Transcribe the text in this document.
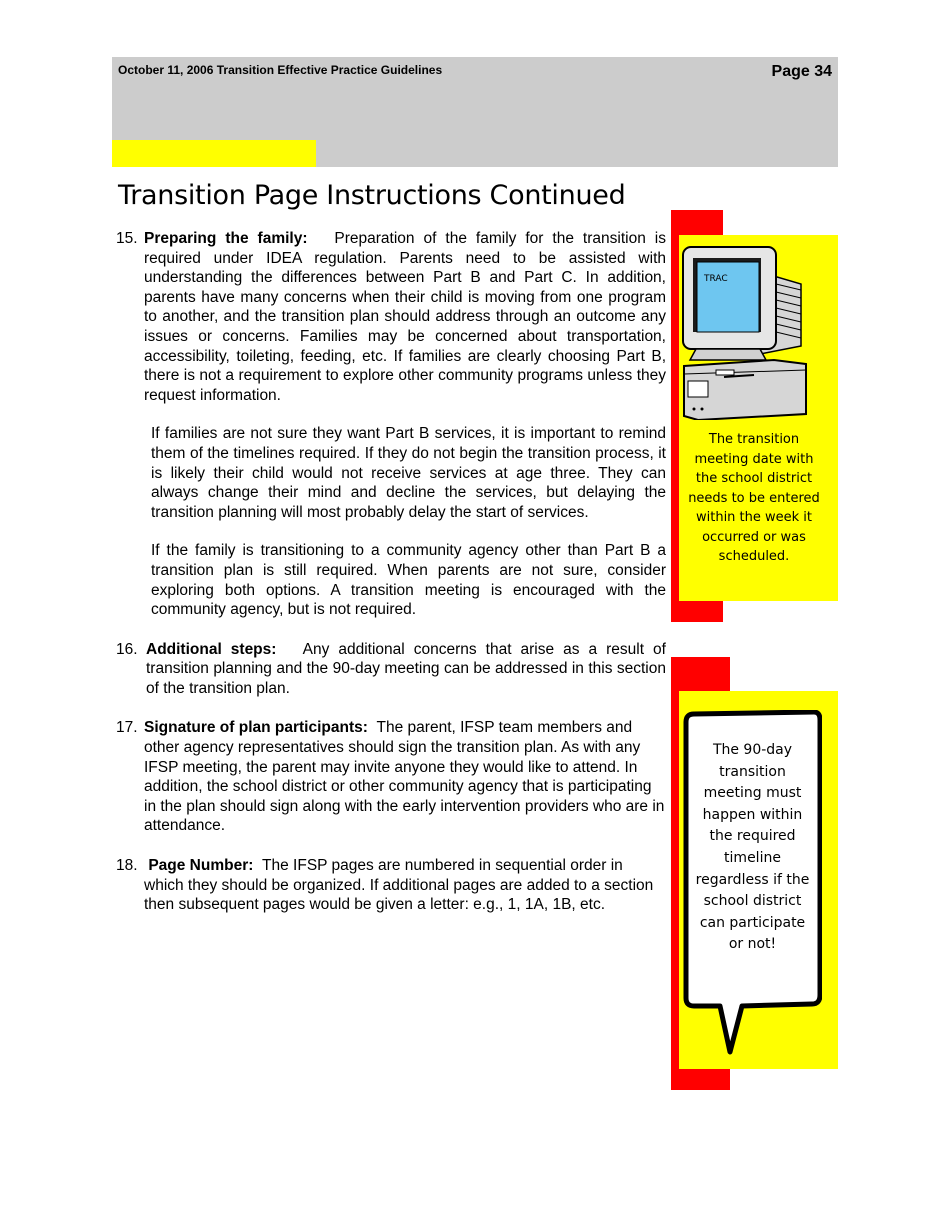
October 11, 2006 Transition Effective Practice Guidelines	Page 34
Transition Page Instructions Continued
15. Preparing the family: Preparation of the family for the transition is required under IDEA regulation. Parents need to be assisted with understanding the differences between Part B and Part C. In addition, parents have many concerns when their child is moving from one program to another, and the transition plan should address through an outcome any issues or concerns. Families may be concerned about transportation, accessibility, toileting, feeding, etc. If families are clearly choosing Part B, there is not a requirement to explore other community programs unless they request information.
If families are not sure they want Part B services, it is important to remind them of the timelines required. If they do not begin the transition process, it is likely their child would not receive services at age three. They can always change their mind and decline the services, but delaying the transition planning will most probably delay the start of services.
If the family is transitioning to a community agency other than Part B a transition plan is still required. When parents are not sure, consider exploring both options. A transition meeting is encouraged with the community agency, but is not required.
16. Additional steps: Any additional concerns that arise as a result of transition planning and the 90-day meeting can be addressed in this section of the transition plan.
17. Signature of plan participants: The parent, IFSP team members and other agency representatives should sign the transition plan. As with any IFSP meeting, the parent may invite anyone they would like to attend. In addition, the school district or other community agency that is participating in the plan should sign along with the early intervention providers who are in attendance.
18. Page Number: The IFSP pages are numbered in sequential order in which they should be organized. If additional pages are added to a section then subsequent pages would be given a letter: e.g., 1, 1A, 1B, etc.
TRAC
The transition meeting date with the school district needs to be entered within the week it occurred or was scheduled.
The 90-day transition meeting must happen within the required timeline regardless if the school district can participate or not!
